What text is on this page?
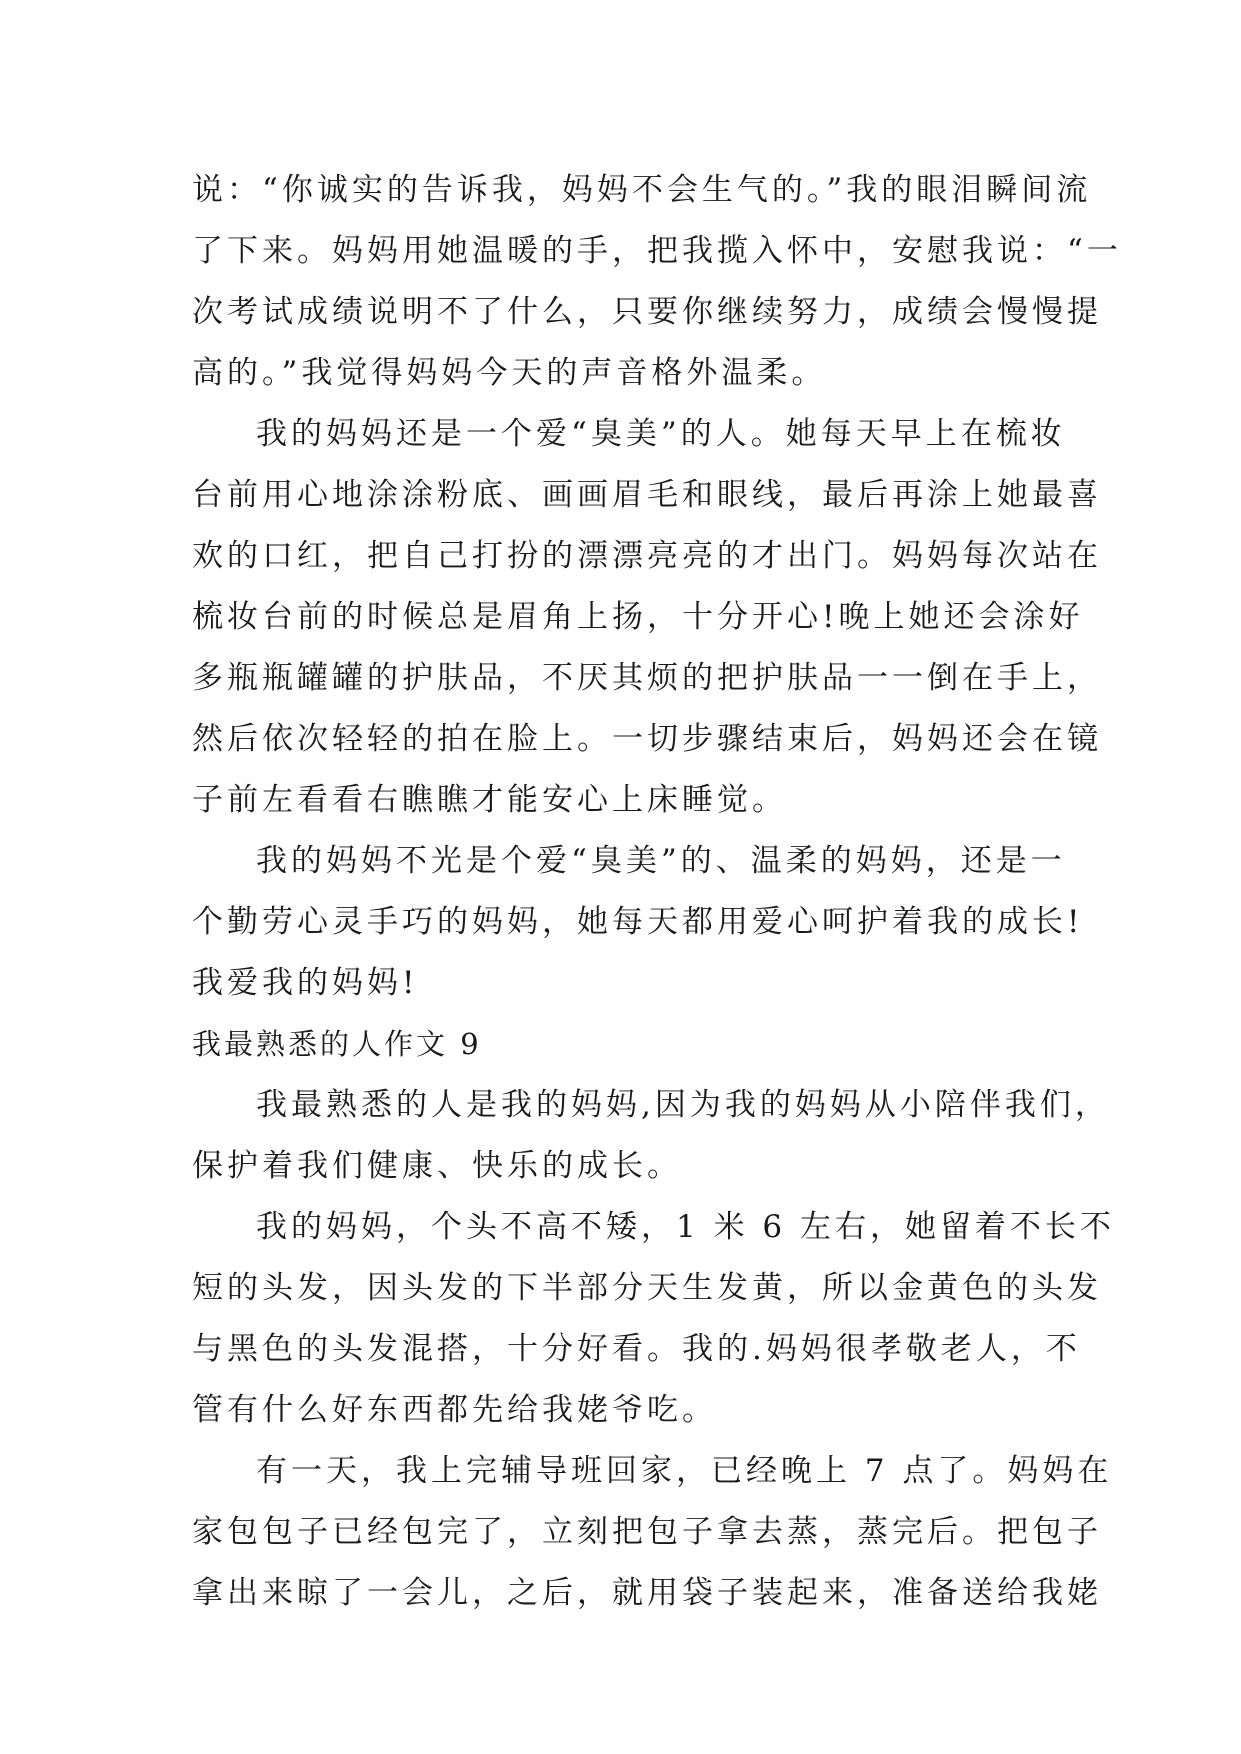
说：“你诚实的告诉我，妈妈不会生气的。”我的眼泪瞬间流
了下来。妈妈用她温暖的手，把我揽入怀中，安慰我说：“一
次考试成绩说明不了什么，只要你继续努力，成绩会慢慢提
高的。”我觉得妈妈今天的声音格外温柔。
我的妈妈还是一个爱“臭美”的人。她每天早上在梳妆
台前用心地涂涂粉底、画画眉毛和眼线，最后再涂上她最喜
欢的口红，把自己打扮的漂漂亮亮的才出门。妈妈每次站在
梳妆台前的时候总是眉角上扬，十分开心!晚上她还会涂好
多瓶瓶罐罐的护肤品，不厌其烦的把护肤品一一倒在手上，
然后依次轻轻的拍在脸上。一切步骤结束后，妈妈还会在镜
子前左看看右瞧瞧才能安心上床睡觉。
我的妈妈不光是个爱“臭美”的、温柔的妈妈，还是一
个勤劳心灵手巧的妈妈，她每天都用爱心呵护着我的成长!
我爱我的妈妈!
我最熟悉的人作文 9
我最熟悉的人是我的妈妈,因为我的妈妈从小陪伴我们，
保护着我们健康、快乐的成长。
我的妈妈，个头不高不矮，1 米 6 左右，她留着不长不
短的头发，因头发的下半部分天生发黄，所以金黄色的头发
与黑色的头发混搭，十分好看。我的.妈妈很孝敬老人，不
管有什么好东西都先给我姥爷吃。
有一天，我上完辅导班回家，已经晚上 7 点了。妈妈在
家包包子已经包完了，立刻把包子拿去蒸，蒸完后。把包子
拿出来晾了一会儿，之后，就用袋子装起来，准备送给我姥
